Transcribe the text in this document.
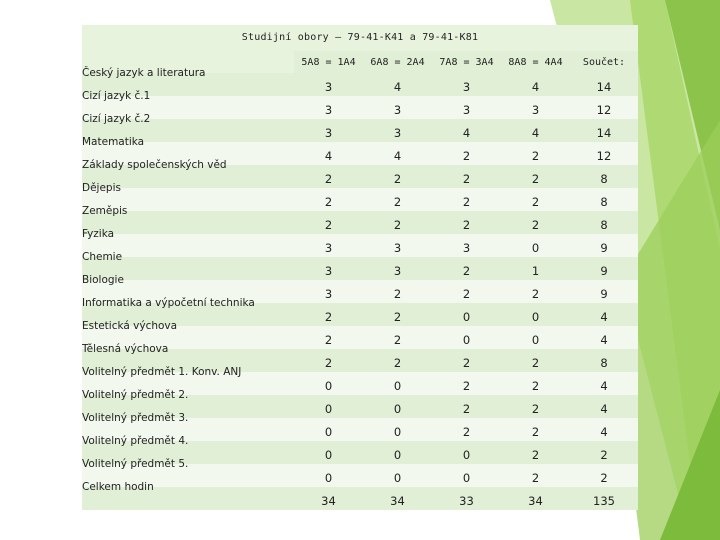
Studijní obory – 79-41-K41 a 79-41-K81
	5A8 = 1A4	6A8 = 2A4	7A8 = 3A4	8A8 = 4A4	Součet:
Český jazyk a literatura	3	4	3	4	14
Cizí jazyk č.1	3	3	3	3	12
Cizí jazyk č.2	3	3	4	4	14
Matematika	4	4	2	2	12
Základy společenských věd	2	2	2	2	8
Dějepis	2	2	2	2	8
Zeměpis	2	2	2	2	8
Fyzika	3	3	3	0	9
Chemie	3	3	2	1	9
Biologie	3	2	2	2	9
Informatika a výpočetní technika	2	2	0	0	4
Estetická výchova	2	2	0	0	4
Tělesná výchova	2	2	2	2	8
Volitelný předmět 1. Konv. ANJ	0	0	2	2	4
Volitelný předmět 2.	0	0	2	2	4
Volitelný předmět 3.	0	0	2	2	4
Volitelný předmět 4.	0	0	0	2	2
Volitelný předmět 5.	0	0	0	2	2
Celkem hodin	34	34	33	34	135
